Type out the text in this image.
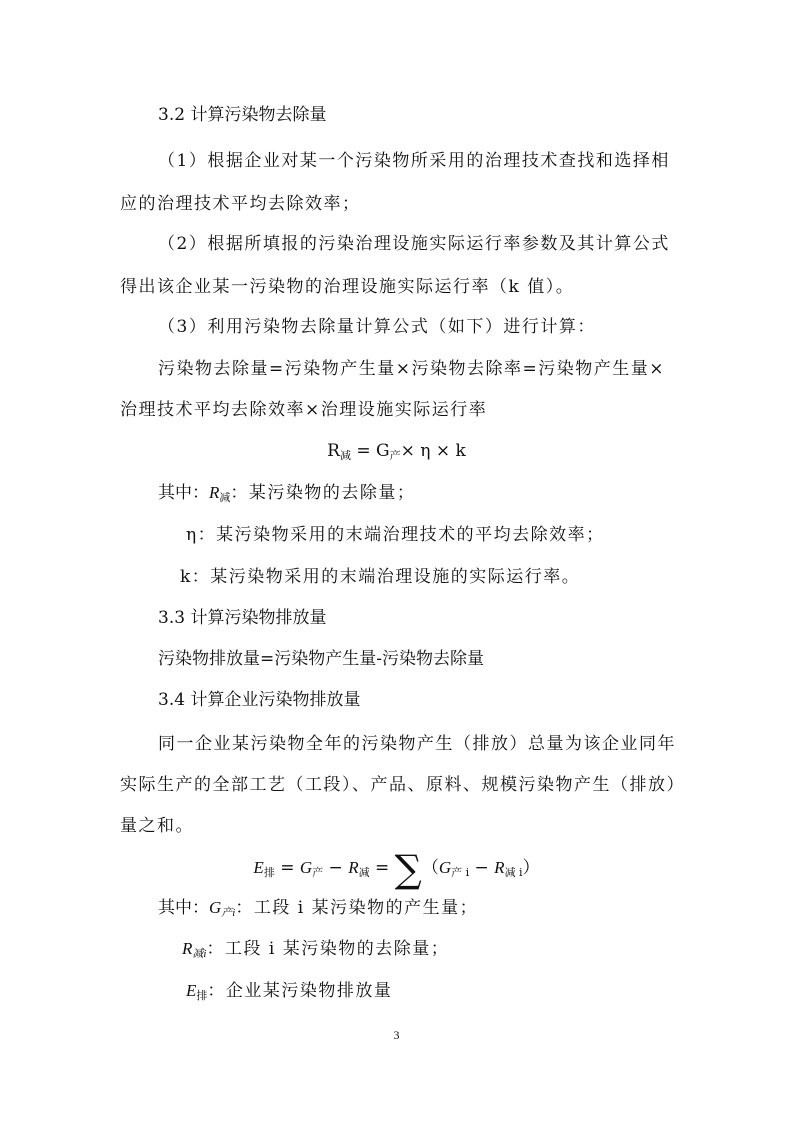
3.2 计算污染物去除量
（1）根据企业对某一个污染物所采用的治理技术查找和选择相
应的治理技术平均去除效率；
（2）根据所填报的污染治理设施实际运行率参数及其计算公式
得出该企业某一污染物的治理设施实际运行率（k 值）。
（3）利用污染物去除量计算公式（如下）进行计算：
污染物去除量=污染物产生量×污染物去除率=污染物产生量×
治理技术平均去除效率×治理设施实际运行率
$R_减 = G_产\times \eta \times k$
其中：$R_减$：某污染物的去除量；
η：某污染物采用的末端治理技术的平均去除效率；
k：某污染物采用的末端治理设施的实际运行率。
3.3 计算污染物排放量
污染物排放量=污染物产生量-污染物去除量
3.4 计算企业污染物排放量
同一企业某污染物全年的污染物产生（排放）总量为该企业同年
实际生产的全部工艺（工段）、产品、原料、规模污染物产生（排放）
量之和。
$E_排 = G_产 - R_减 = \sum(G_{产 i} - R_{减 i})$
其中：$G_{产i}$：工段 i 某污染物的产生量；
$R_{减i}$：工段 i 某污染物的去除量；
$E_排$：企业某污染物排放量
3
